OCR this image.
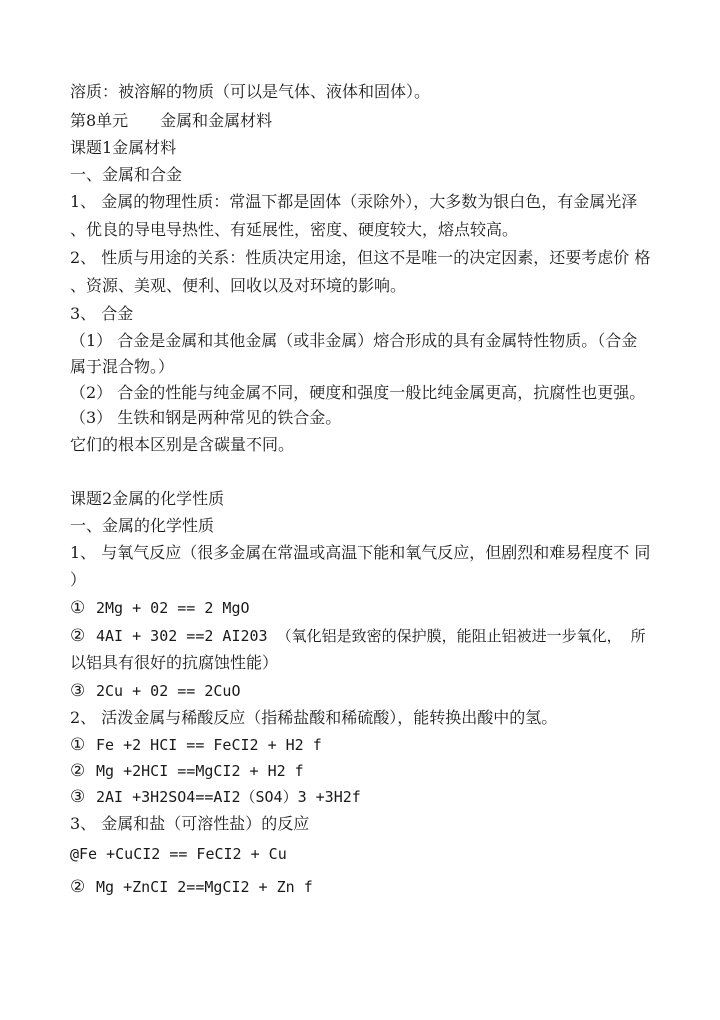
溶质：被溶解的物质（可以是气体、液体和固体）。
第8单元　　金属和金属材料
课题1金属材料
一、金属和合金
1、 金属的物理性质：常温下都是固体（汞除外），大多数为银白色，有金属光泽
、优良的导电导热性、有延展性，密度、硬度较大，熔点较高。
2、 性质与用途的关系：性质决定用途，但这不是唯一的决定因素，还要考虑价 格
、资源、美观、便利、回收以及对环境的影响。
3、 合金
（1） 合金是金属和其他金属（或非金属）熔合形成的具有金属特性物质。（合金
属于混合物。）
（2） 合金的性能与纯金属不同，硬度和强度一般比纯金属更高，抗腐性也更强。
（3） 生铁和钢是两种常见的铁合金。
它们的根本区别是含碳量不同。
课题2金属的化学性质
一、金属的化学性质
1、 与氧气反应（很多金属在常温或高温下能和氧气反应，但剧烈和难易程度不 同
）
① 2Mg + 02 == 2 MgO
② 4AI + 302 ==2 AI203 （氧化铝是致密的保护膜，能阻止铝被进一步氧化， 所
以铝具有很好的抗腐蚀性能）
③ 2Cu + 02 == 2CuO
2、 活泼金属与稀酸反应（指稀盐酸和稀硫酸），能转换出酸中的氢。
① Fe +2 HCI == FeCI2 + H2 f
② Mg +2HCI ==MgCI2 + H2 f
③ 2AI +3H2SO4==AI2（SO4）3 +3H2f
3、 金属和盐（可溶性盐）的反应
@Fe +CuCI2 == FeCI2 + Cu
② Mg +ZnCI 2==MgCI2 + Zn f
